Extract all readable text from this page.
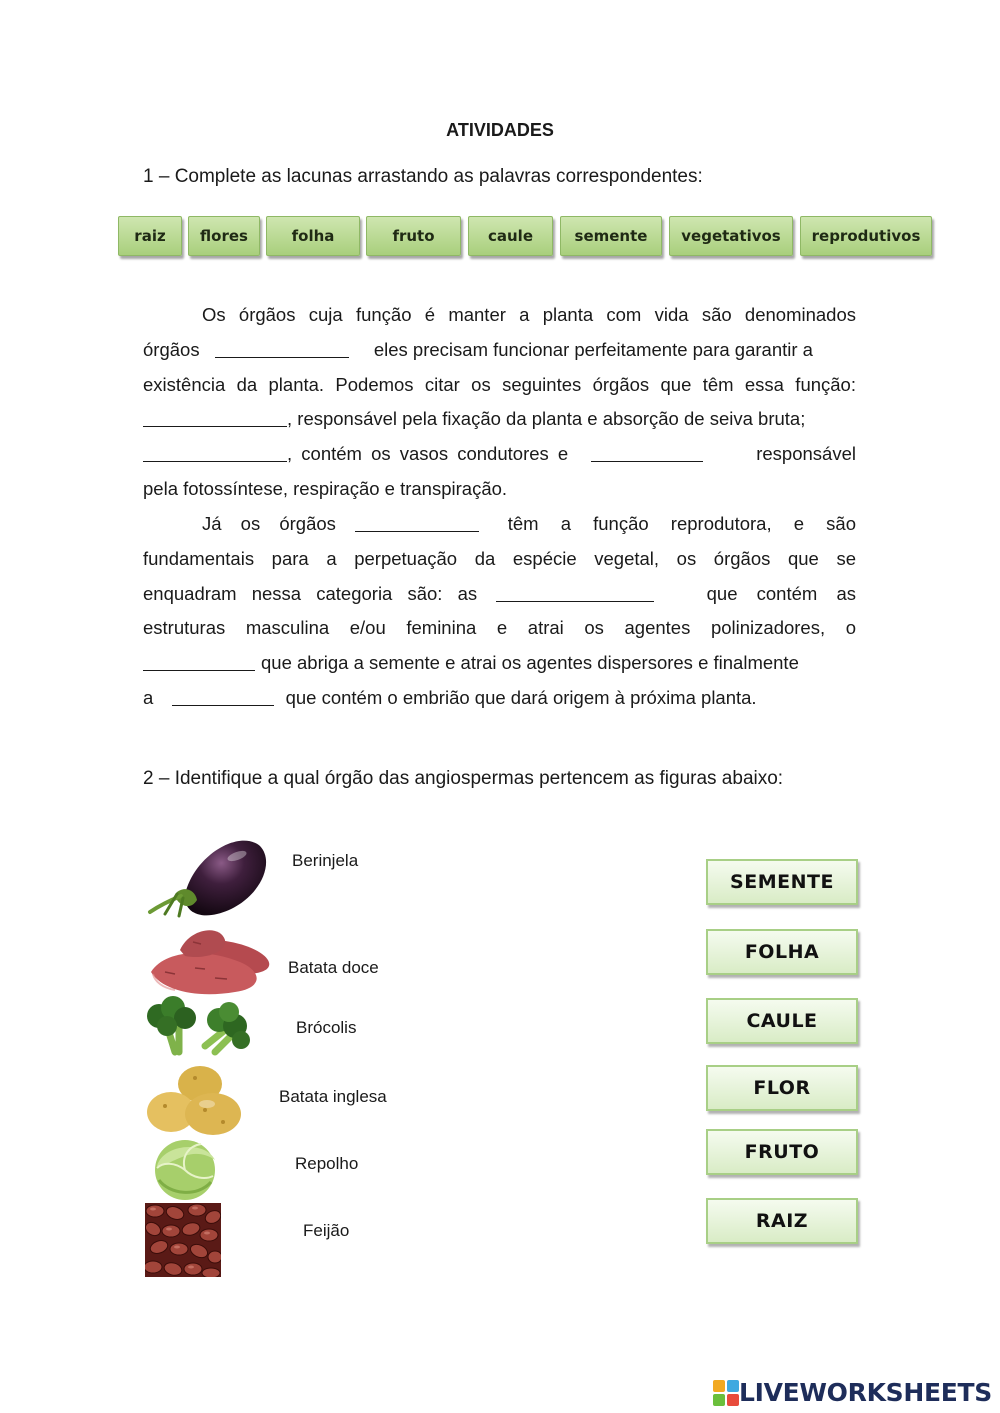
ATIVIDADES
1 – Complete as lacunas arrastando as palavras correspondentes:
raiz	flores	folha	fruto	caule	semente	vegetativos	reprodutivos
Os órgãos cuja função é manter a planta com vida são denominados
órgãos	eles precisam funcionar perfeitamente para garantir a
existência da planta. Podemos citar os seguintes órgãos que têm essa função:
, responsável pela fixação da planta e absorção de seiva bruta;
, contém os vasos condutores e	responsável
pela fotossíntese, respiração e transpiração.
Já os órgãos	têm a função reprodutora, e são
fundamentais para a perpetuação da espécie vegetal, os órgãos que se
enquadram nessa categoria são: as	que contém as
estruturas masculina e/ou feminina e atrai os agentes polinizadores, o
que abriga a semente e atrai os agentes dispersores e finalmente
a	que contém o embrião que dará origem à próxima planta.
2 – Identifique a qual órgão das angiospermas pertencem as figuras abaixo:
Berinjela
Batata doce
Brócolis
Batata inglesa
Repolho
Feijão
SEMENTE
FOLHA
CAULE
FLOR
FRUTO
RAIZ
LIVEWORKSHEETS
